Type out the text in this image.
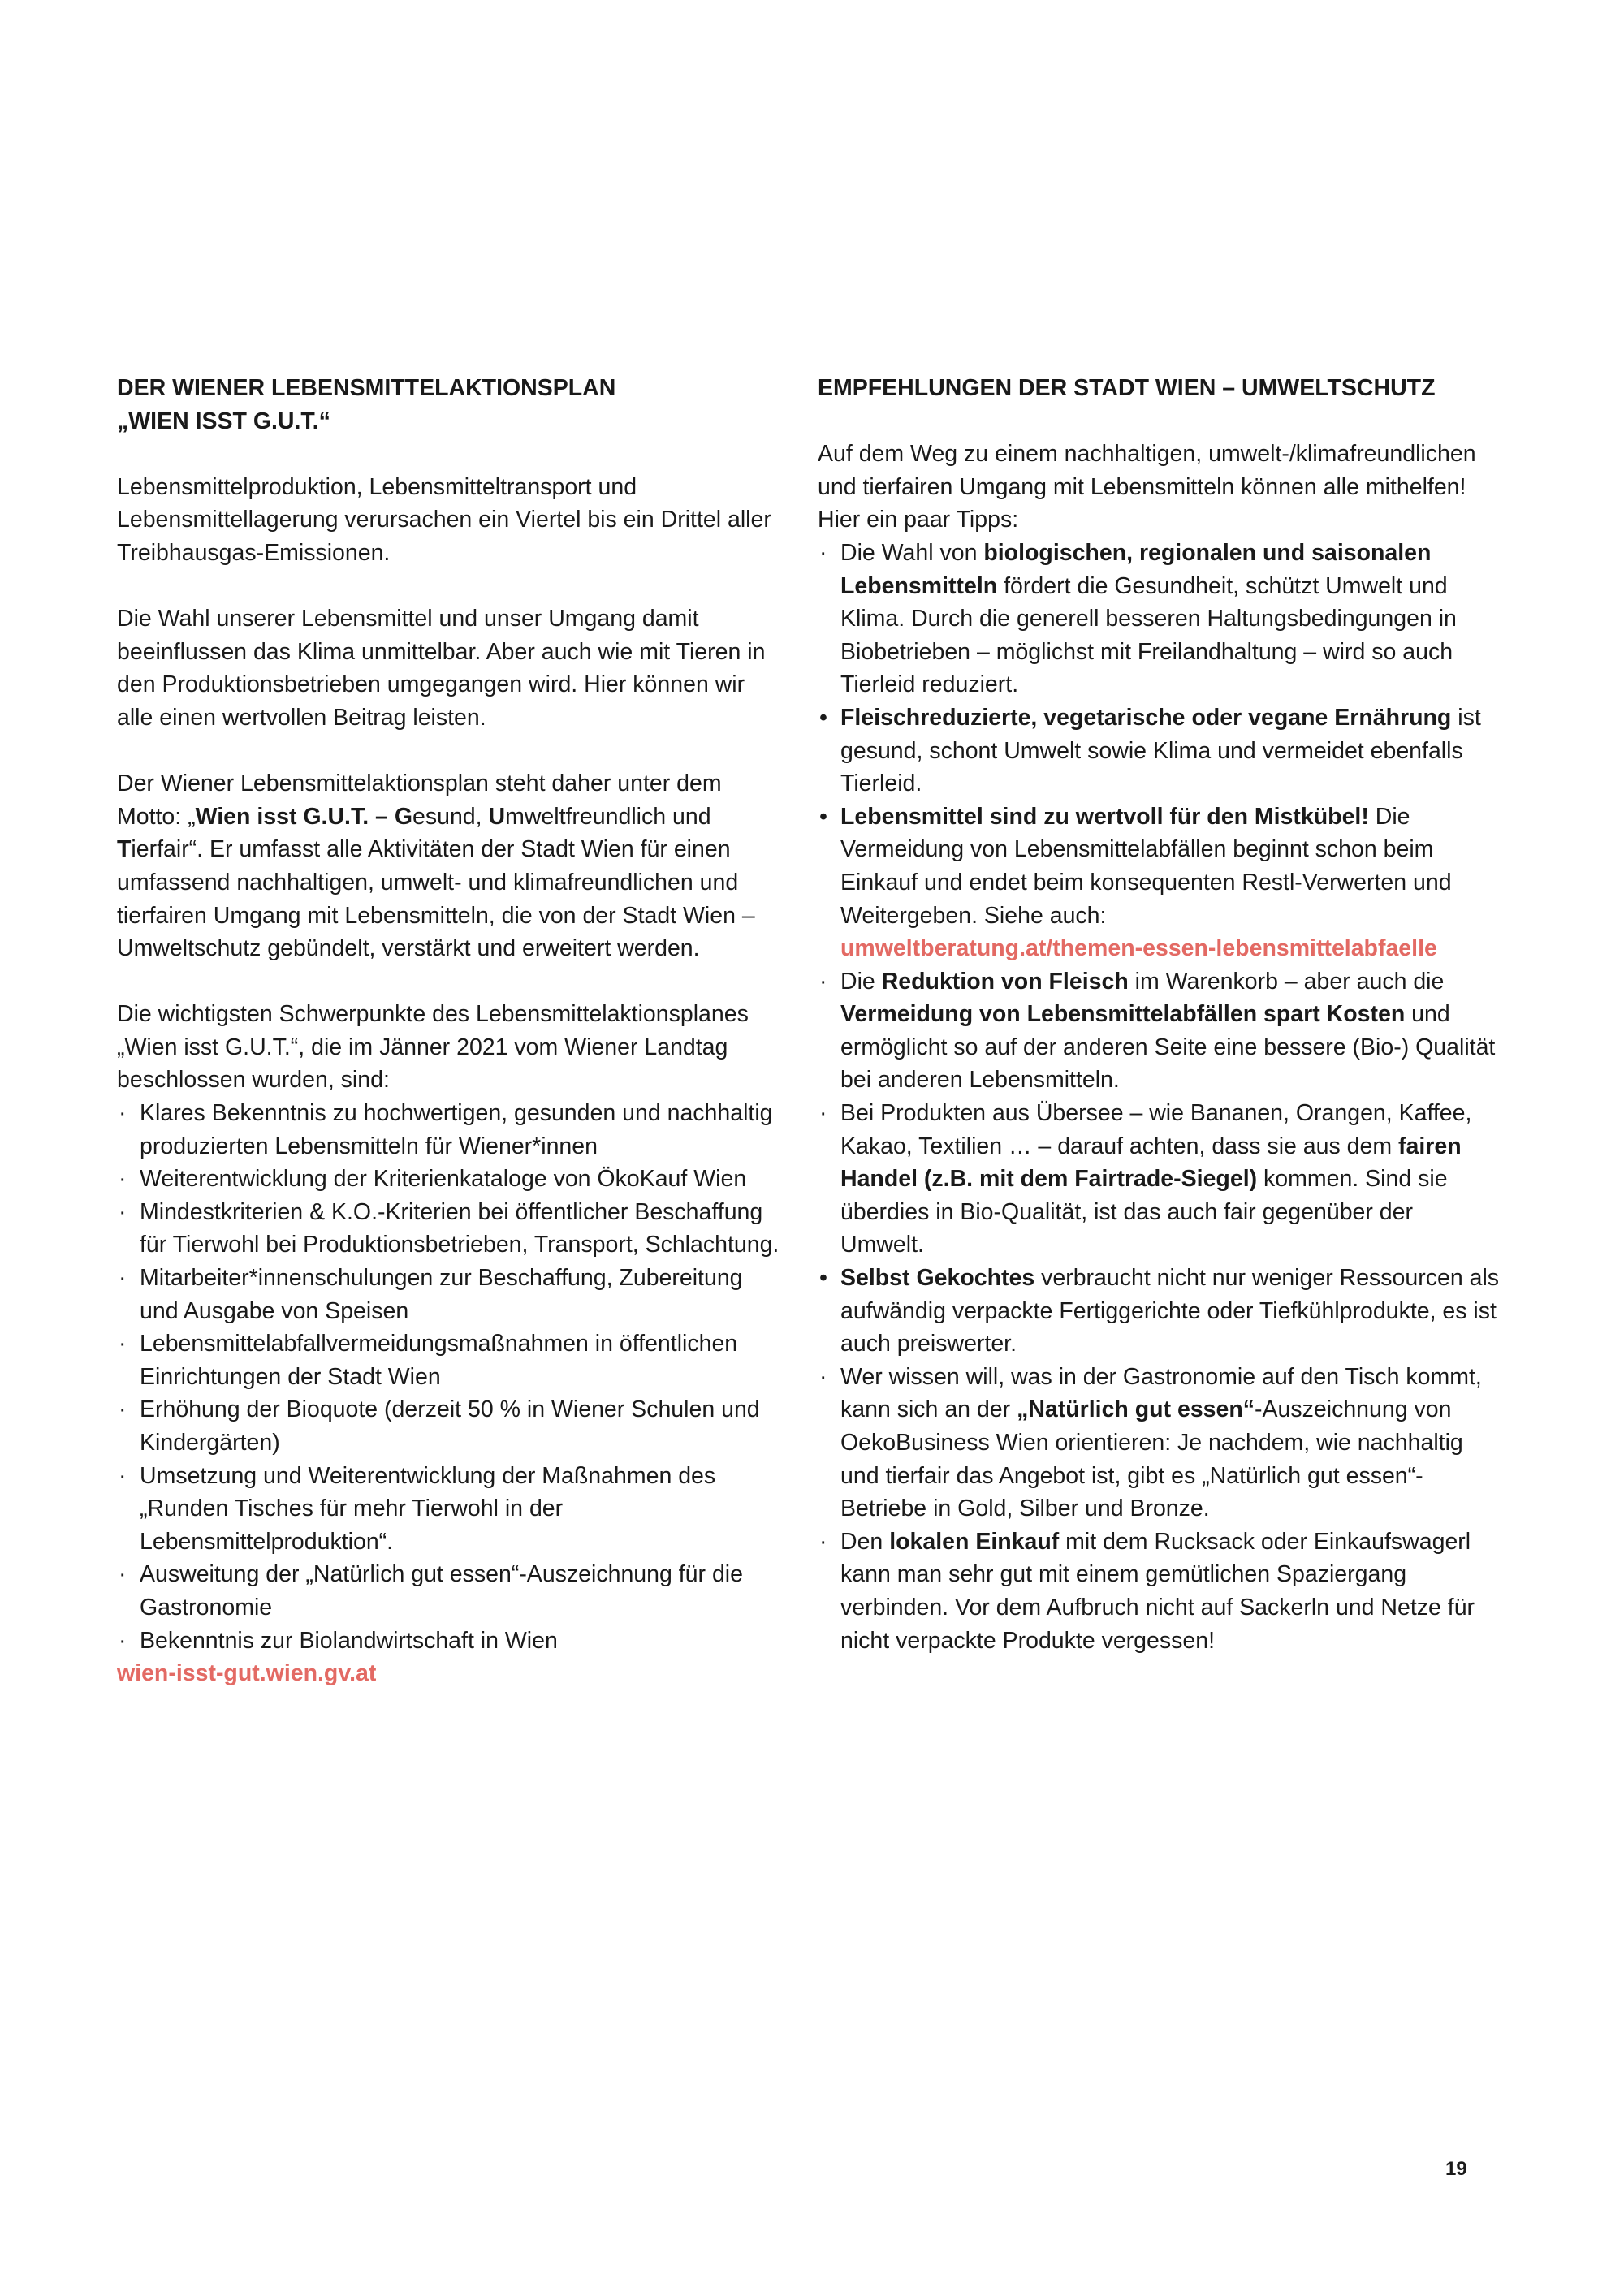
DER WIENER LEBENSMITTELAKTIONSPLAN
„WIEN ISST G.U.T.“

Lebensmittelproduktion, Lebensmitteltransport und Lebensmittellagerung verursachen ein Viertel bis ein Drittel aller Treibhausgas-Emissionen.

Die Wahl unserer Lebensmittel und unser Umgang damit beeinflussen das Klima unmittelbar. Aber auch wie mit Tieren in den Produktionsbetrieben umgegangen wird. Hier können wir alle einen wertvollen Beitrag leisten.

Der Wiener Lebensmittelaktionsplan steht daher unter dem Motto: „Wien isst G.U.T. – Gesund, Umweltfreundlich und Tierfair“. Er umfasst alle Aktivitäten der Stadt Wien für einen umfassend nachhaltigen, umwelt- und klimafreundlichen und tierfairen Umgang mit Lebensmitteln, die von der Stadt Wien – Umweltschutz gebündelt, verstärkt und erweitert werden.

Die wichtigsten Schwerpunkte des Lebensmittelaktionsplanes „Wien isst G.U.T.“, die im Jänner 2021 vom Wiener Landtag beschlossen wurden, sind:

· Klares Bekenntnis zu hochwertigen, gesunden und nachhaltig produzierten Lebensmitteln für Wiener*innen
· Weiterentwicklung der Kriterienkataloge von ÖkoKauf Wien
· Mindestkriterien & K.O.-Kriterien bei öffentlicher Beschaffung für Tierwohl bei Produktionsbetrieben, Transport, Schlachtung.
· Mitarbeiter*innenschulungen zur Beschaffung, Zubereitung und Ausgabe von Speisen
· Lebensmittelabfallvermeidungsmaßnahmen in öffentlichen Einrichtungen der Stadt Wien
· Erhöhung der Bioquote (derzeit 50 % in Wiener Schulen und Kindergärten)
· Umsetzung und Weiterentwicklung der Maßnahmen des „Runden Tisches für mehr Tierwohl in der Lebensmittelproduktion“.
· Ausweitung der „Natürlich gut essen“-Auszeichnung für die Gastronomie
· Bekenntnis zur Biolandwirtschaft in Wien
wien-isst-gut.wien.gv.at
EMPFEHLUNGEN DER STADT WIEN – UMWELTSCHUTZ

Auf dem Weg zu einem nachhaltigen, umwelt-/klimafreundlichen und tierfairen Umgang mit Lebensmitteln können alle mithelfen! Hier ein paar Tipps:

· Die Wahl von biologischen, regionalen und saisonalen Lebensmitteln fördert die Gesundheit, schützt Umwelt und Klima. Durch die generell besseren Haltungsbedingungen in Biobetrieben – möglichst mit Freilandhaltung – wird so auch Tierleid reduziert.
• Fleischreduzierte, vegetarische oder vegane Ernährung ist gesund, schont Umwelt sowie Klima und vermeidet ebenfalls Tierleid.
• Lebensmittel sind zu wertvoll für den Mistkübel! Die Vermeidung von Lebensmittelabfällen beginnt schon beim Einkauf und endet beim konsequenten Restl-Verwerten und Weitergeben. Siehe auch:
umweltberatung.at/themen-essen-lebensmittelabfaelle
· Die Reduktion von Fleisch im Warenkorb – aber auch die Vermeidung von Lebensmittelabfällen spart Kosten und ermöglicht so auf der anderen Seite eine bessere (Bio-) Qualität bei anderen Lebensmitteln.
· Bei Produkten aus Übersee – wie Bananen, Orangen, Kaffee, Kakao, Textilien … – darauf achten, dass sie aus dem fairen Handel (z.B. mit dem Fairtrade-Siegel) kommen. Sind sie überdies in Bio-Qualität, ist das auch fair gegenüber der Umwelt.
• Selbst Gekochtes verbraucht nicht nur weniger Ressourcen als aufwändig verpackte Fertiggerichte oder Tiefkühlprodukte, es ist auch preiswerter.
· Wer wissen will, was in der Gastronomie auf den Tisch kommt, kann sich an der „Natürlich gut essen“-Auszeichnung von OekoBusiness Wien orientieren: Je nachdem, wie nachhaltig und tierfair das Angebot ist, gibt es „Natürlich gut essen“-Betriebe in Gold, Silber und Bronze.
· Den lokalen Einkauf mit dem Rucksack oder Einkaufswagerl kann man sehr gut mit einem gemütlichen Spaziergang verbinden. Vor dem Aufbruch nicht auf Sackerln und Netze für nicht verpackte Produkte vergessen!
19
